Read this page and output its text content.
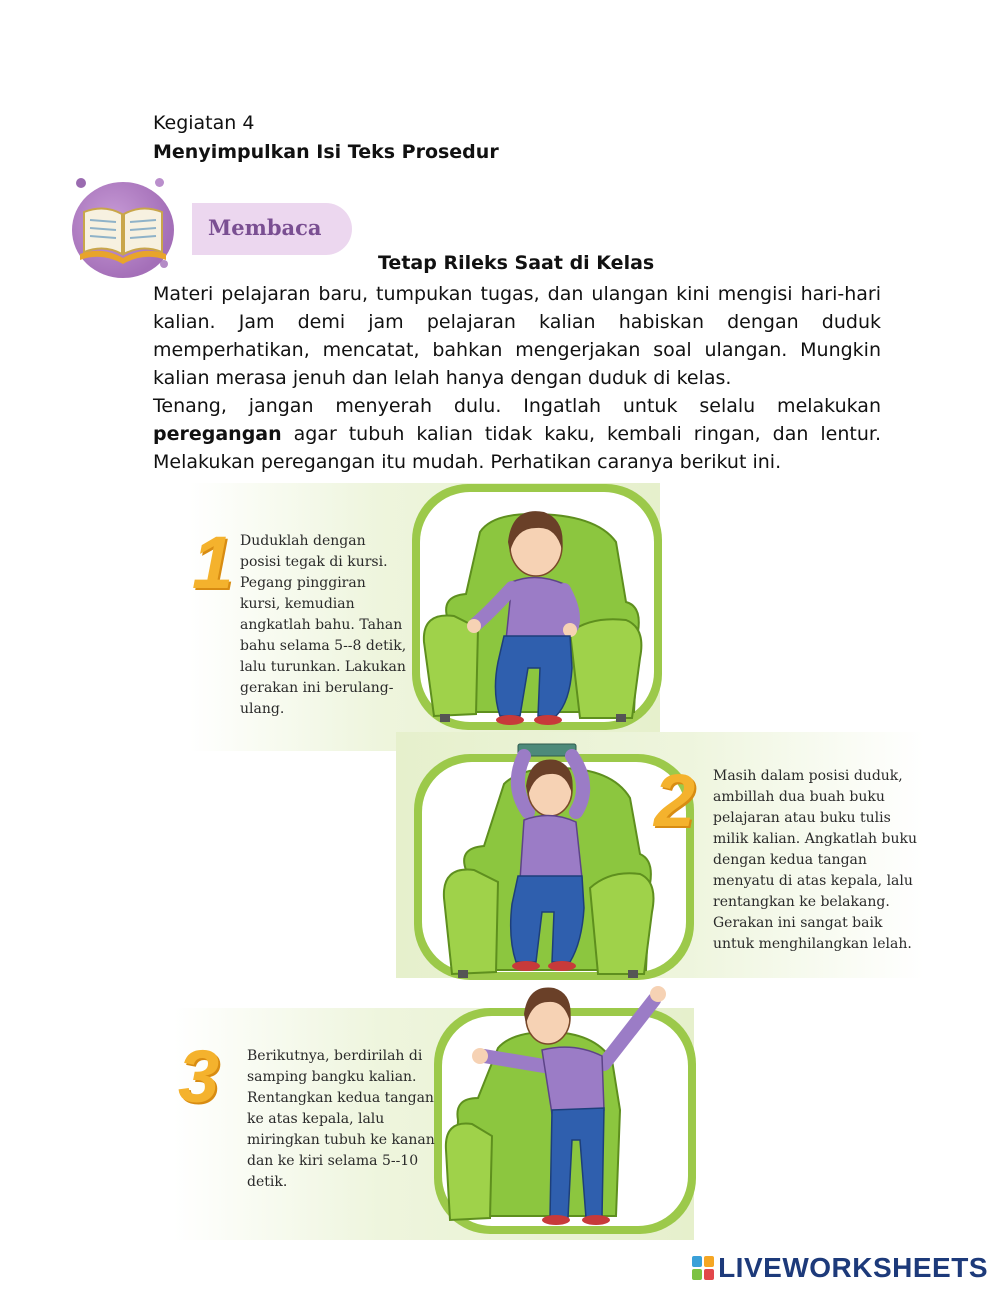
Kegiatan 4
Menyimpulkan Isi Teks Prosedur
Membaca
Tetap Rileks Saat di Kelas
Materi pelajaran baru, tumpukan tugas, dan ulangan kini mengisi hari-hari kalian. Jam demi jam pelajaran kalian habiskan dengan duduk memperhatikan, mencatat, bahkan mengerjakan soal ulangan. Mungkin kalian merasa jenuh dan lelah hanya dengan duduk di kelas.
Tenang, jangan menyerah dulu. Ingatlah untuk selalu melakukan peregangan agar tubuh kalian tidak kaku, kembali ringan, dan lentur. Melakukan peregangan itu mudah. Perhatikan caranya berikut ini.
1 Duduklah dengan posisi tegak di kursi. Pegang pinggiran kursi, kemudian angkatlah bahu. Tahan bahu selama 5--8 detik, lalu turunkan. Lakukan gerakan ini berulang-ulang.
2 Masih dalam posisi duduk, ambillah dua buah buku pelajaran atau buku tulis milik kalian. Angkatlah buku dengan kedua tangan menyatu di atas kepala, lalu rentangkan ke belakang. Gerakan ini sangat baik untuk menghilangkan lelah.
3 Berikutnya, berdirilah di samping bangku kalian. Rentangkan kedua tangan ke atas kepala, lalu miringkan tubuh ke kanan dan ke kiri selama 5--10 detik.
LIVEWORKSHEETS
